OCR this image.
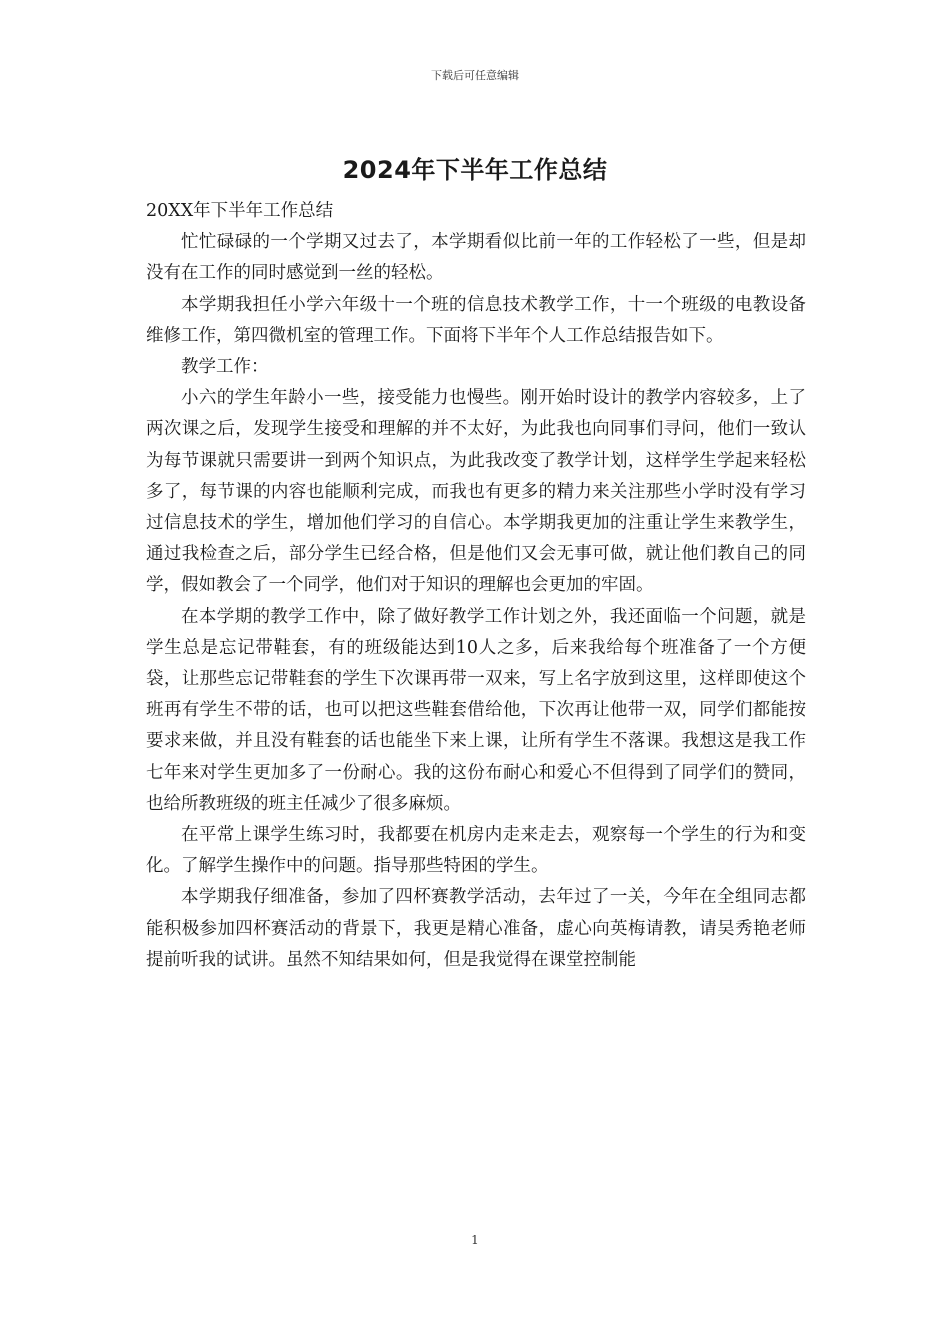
下载后可任意编辑
2024年下半年工作总结

20XX年下半年工作总结

忙忙碌碌的一个学期又过去了，本学期看似比前一年的工作轻松了一些，但是却没有在工作的同时感觉到一丝的轻松。

本学期我担任小学六年级十一个班的信息技术教学工作，十一个班级的电教设备维修工作，第四微机室的管理工作。下面将下半年个人工作总结报告如下。

教学工作：

小六的学生年龄小一些，接受能力也慢些。刚开始时设计的教学内容较多，上了两次课之后，发现学生接受和理解的并不太好，为此我也向同事们寻问，他们一致认为每节课就只需要讲一到两个知识点，为此我改变了教学计划，这样学生学起来轻松多了，每节课的内容也能顺利完成，而我也有更多的精力来关注那些小学时没有学习过信息技术的学生，增加他们学习的自信心。本学期我更加的注重让学生来教学生，通过我检查之后，部分学生已经合格，但是他们又会无事可做，就让他们教自己的同学，假如教会了一个同学，他们对于知识的理解也会更加的牢固。

在本学期的教学工作中，除了做好教学工作计划之外，我还面临一个问题，就是学生总是忘记带鞋套，有的班级能达到10人之多，后来我给每个班准备了一个方便袋，让那些忘记带鞋套的学生下次课再带一双来，写上名字放到这里，这样即使这个班再有学生不带的话，也可以把这些鞋套借给他，下次再让他带一双，同学们都能按要求来做，并且没有鞋套的话也能坐下来上课，让所有学生不落课。我想这是我工作七年来对学生更加多了一份耐心。我的这份布耐心和爱心不但得到了同学们的赞同，也给所教班级的班主任减少了很多麻烦。

在平常上课学生练习时，我都要在机房内走来走去，观察每一个学生的行为和变化。了解学生操作中的问题。指导那些特困的学生。

本学期我仔细准备，参加了四杯赛教学活动，去年过了一关，今年在全组同志都能积极参加四杯赛活动的背景下，我更是精心准备，虚心向英梅请教，请吴秀艳老师提前听我的试讲。虽然不知结果如何，但是我觉得在课堂控制能

1
